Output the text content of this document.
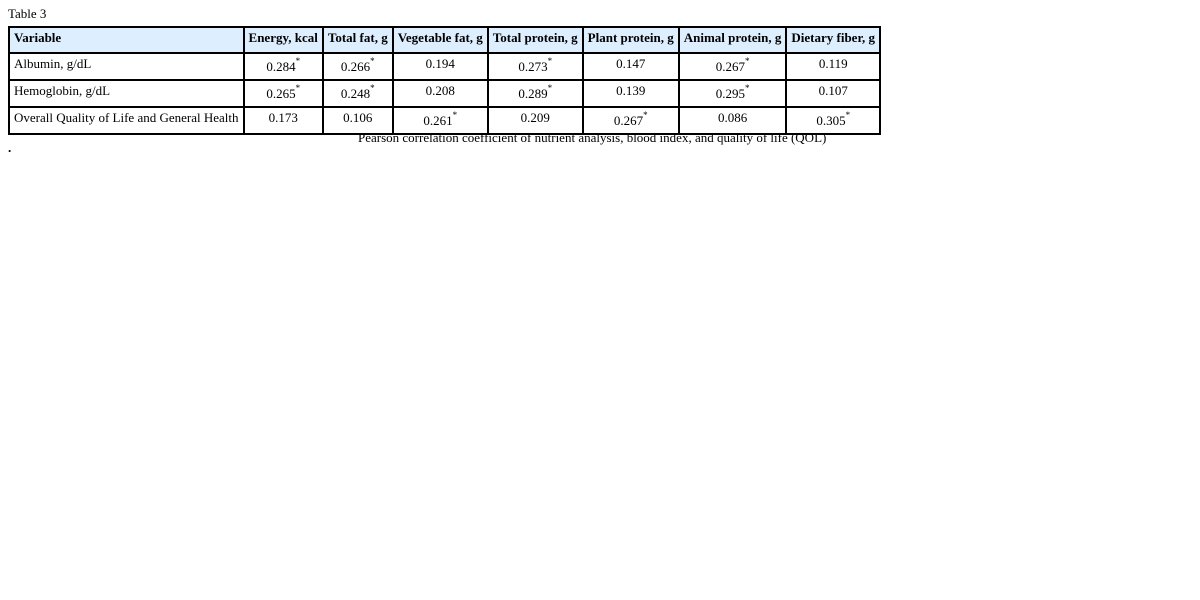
Table 3
Variable	Energy, kcal	Total fat, g	Vegetable fat, g	Total protein, g	Plant protein, g	Animal protein, g	Dietary fiber, g
Albumin, g/dL	0.284*	0.266*	0.194	0.273*	0.147	0.267*	0.119
Hemoglobin, g/dL	0.265*	0.248*	0.208	0.289*	0.139	0.295*	0.107
Overall Quality of Life and General Health	0.173	0.106	0.261*	0.209	0.267*	0.086	0.305*
Pearson correlation coefficient of nutrient analysis, blood index, and quality of life (QOL)
.
